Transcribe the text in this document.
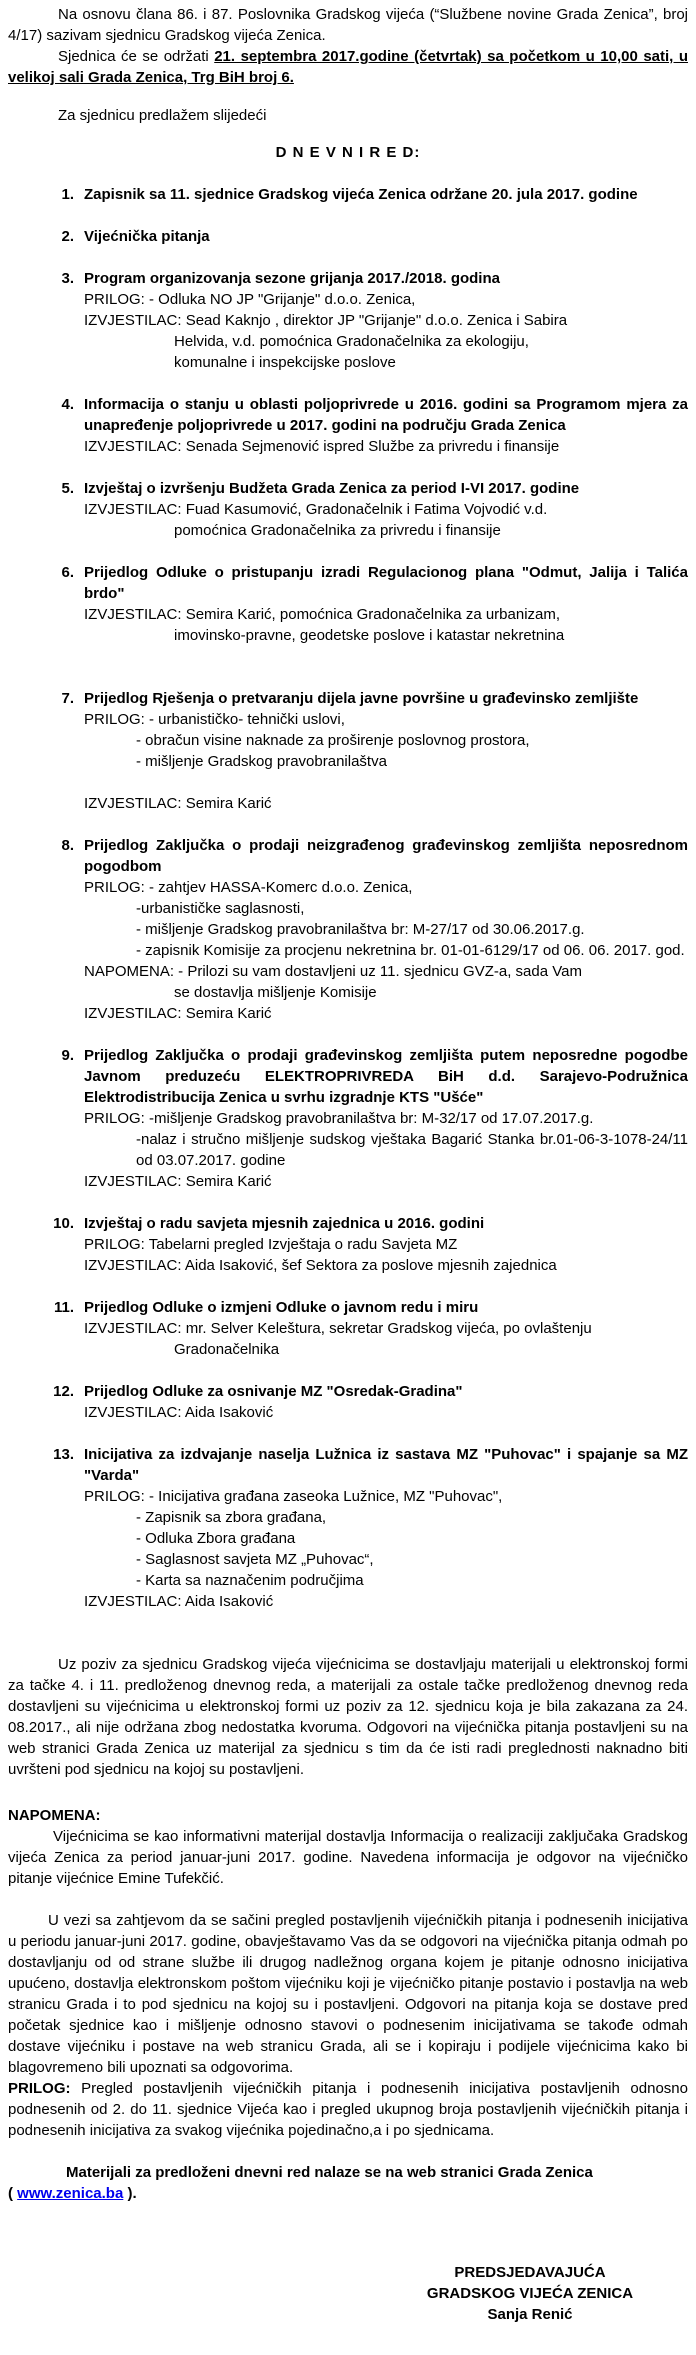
Na osnovu člana 86. i 87. Poslovnika Gradskog vijeća (“Službene novine Grada Zenica”, broj 4/17) sazivam sjednicu Gradskog vijeća Zenica.

Sjednica će se održati 21. septembra 2017.godine (četvrtak) sa početkom u 10,00 sati, u velikoj sali Grada Zenica, Trg BiH broj 6.

Za sjednicu predlažem slijedeći

D N E V N I R E D:

1. Zapisnik sa 11. sjednice Gradskog vijeća Zenica održane 20. jula 2017. godine
2. Vijećnička pitanja
3. Program organizovanja sezone grijanja 2017./2018. godina
PRILOG: - Odluka NO JP "Grijanje" d.o.o. Zenica,
IZVJESTILAC: Sead Kaknjo , direktor JP "Grijanje" d.o.o. Zenica i Sabira
Helvida, v.d. pomoćnica Gradonačelnika za ekologiju,
komunalne i inspekcijske poslove
4. Informacija o stanju u oblasti poljoprivrede u 2016. godini sa Programom mjera za unapređenje poljoprivrede u 2017. godini na području Grada Zenica
IZVJESTILAC: Senada Sejmenović ispred Službe za privredu i finansije
5. Izvještaj o izvršenju Budžeta Grada Zenica za period I-VI 2017. godine
IZVJESTILAC: Fuad Kasumović, Gradonačelnik i Fatima Vojvodić v.d.
pomoćnica Gradonačelnika za privredu i finansije
6. Prijedlog Odluke o pristupanju izradi Regulacionog plana "Odmut, Jalija i Talića brdo"
IZVJESTILAC: Semira Karić, pomoćnica Gradonačelnika za urbanizam,
imovinsko-pravne, geodetske poslove i katastar nekretnina
7. Prijedlog Rješenja o pretvaranju dijela javne površine u građevinsko zemljište
PRILOG: - urbanističko- tehnički uslovi,
- obračun visine naknade za proširenje poslovnog prostora,
- mišljenje Gradskog pravobranilaštva
IZVJESTILAC: Semira Karić
8. Prijedlog Zaključka o prodaji neizgrađenog građevinskog zemljišta neposrednom pogodbom
PRILOG: - zahtjev HASSA-Komerc d.o.o. Zenica,
-urbanističke saglasnosti,
- mišljenje Gradskog pravobranilaštva br: M-27/17 od 30.06.2017.g.
- zapisnik Komisije za procjenu nekretnina br. 01-01-6129/17 od 06. 06. 2017. god.
NAPOMENA: - Prilozi su vam dostavljeni uz 11. sjednicu GVZ-a, sada Vam
se dostavlja mišljenje Komisije
IZVJESTILAC: Semira Karić
9. Prijedlog Zaključka o prodaji građevinskog zemljišta putem neposredne pogodbe Javnom preduzeću ELEKTROPRIVREDA BiH d.d. Sarajevo-Podružnica Elektrodistribucija Zenica u svrhu izgradnje KTS "Ušće"
PRILOG: -mišljenje Gradskog pravobranilaštva br: M-32/17 od 17.07.2017.g.
-nalaz i stručno mišljenje sudskog vještaka Bagarić Stanka br.01-06-3-1078-24/11 od 03.07.2017. godine
IZVJESTILAC: Semira Karić
10. Izvještaj o radu savjeta mjesnih zajednica u 2016. godini
PRILOG: Tabelarni pregled Izvještaja o radu Savjeta MZ
IZVJESTILAC: Aida Isaković, šef Sektora za poslove mjesnih zajednica
11. Prijedlog Odluke o izmjeni Odluke o javnom redu i miru
IZVJESTILAC: mr. Selver Keleštura, sekretar Gradskog vijeća, po ovlaštenju
Gradonačelnika
12. Prijedlog Odluke za osnivanje MZ "Osredak-Gradina"
IZVJESTILAC: Aida Isaković
13. Inicijativa za izdvajanje naselja Lužnica iz sastava MZ "Puhovac" i spajanje sa MZ "Varda"
PRILOG: - Inicijativa građana zaseoka Lužnice, MZ "Puhovac",
- Zapisnik sa zbora građana,
- Odluka Zbora građana
- Saglasnost savjeta MZ „Puhovac“,
- Karta sa naznačenim područjima
IZVJESTILAC: Aida Isaković

Uz poziv za sjednicu Gradskog vijeća vijećnicima se dostavljaju materijali u elektronskoj formi za tačke 4. i 11. predloženog dnevnog reda, a materijali za ostale tačke predloženog dnevnog reda dostavljeni su vijećnicima u elektronskoj formi uz poziv za 12. sjednicu koja je bila zakazana za 24. 08.2017., ali nije održana zbog nedostatka kvoruma. Odgovori na vijećnička pitanja postavljeni su na web stranici Grada Zenica uz materijal za sjednicu s tim da će isti radi preglednosti naknadno biti uvršteni pod sjednicu na kojoj su postavljeni.

NAPOMENA:

Vijećnicima se kao informativni materijal dostavlja Informacija o realizaciji zaključaka Gradskog vijeća Zenica za period januar-juni 2017. godine. Navedena informacija je odgovor na vijećničko pitanje vijećnice Emine Tufekčić.

U vezi sa zahtjevom da se sačini pregled postavljenih vijećničkih pitanja i podnesenih inicijativa u periodu januar-juni 2017. godine, obavještavamo Vas da se odgovori na vijećnička pitanja odmah po dostavljanju od od strane službe ili drugog nadležnog organa kojem je pitanje odnosno inicijativa upućeno, dostavlja elektronskom poštom vijećniku koji je vijećničko pitanje postavio i postavlja na web stranicu Grada i to pod sjednicu na kojoj su i postavljeni. Odgovori na pitanja koja se dostave pred početak sjednice kao i mišljenje odnosno stavovi o podnesenim inicijativama se takođe odmah dostave vijećniku i postave na web stranicu Grada, ali se i kopiraju i podijele vijećnicima kako bi blagovremeno bili upoznati sa odgovorima.

PRILOG: Pregled postavljenih vijećničkih pitanja i podnesenih inicijativa postavljenih odnosno podnesenih od 2. do 11. sjednice Vijeća kao i pregled ukupnog broja postavljenih vijećničkih pitanja i podnesenih inicijativa za svakog vijećnika pojedinačno,a i po sjednicama.

Materijali za predloženi dnevni red nalaze se na web stranici Grada Zenica
( www.zenica.ba ).

PREDSJEDAVAJUĆA
GRADSKOG VIJEĆA ZENICA
Sanja Renić
